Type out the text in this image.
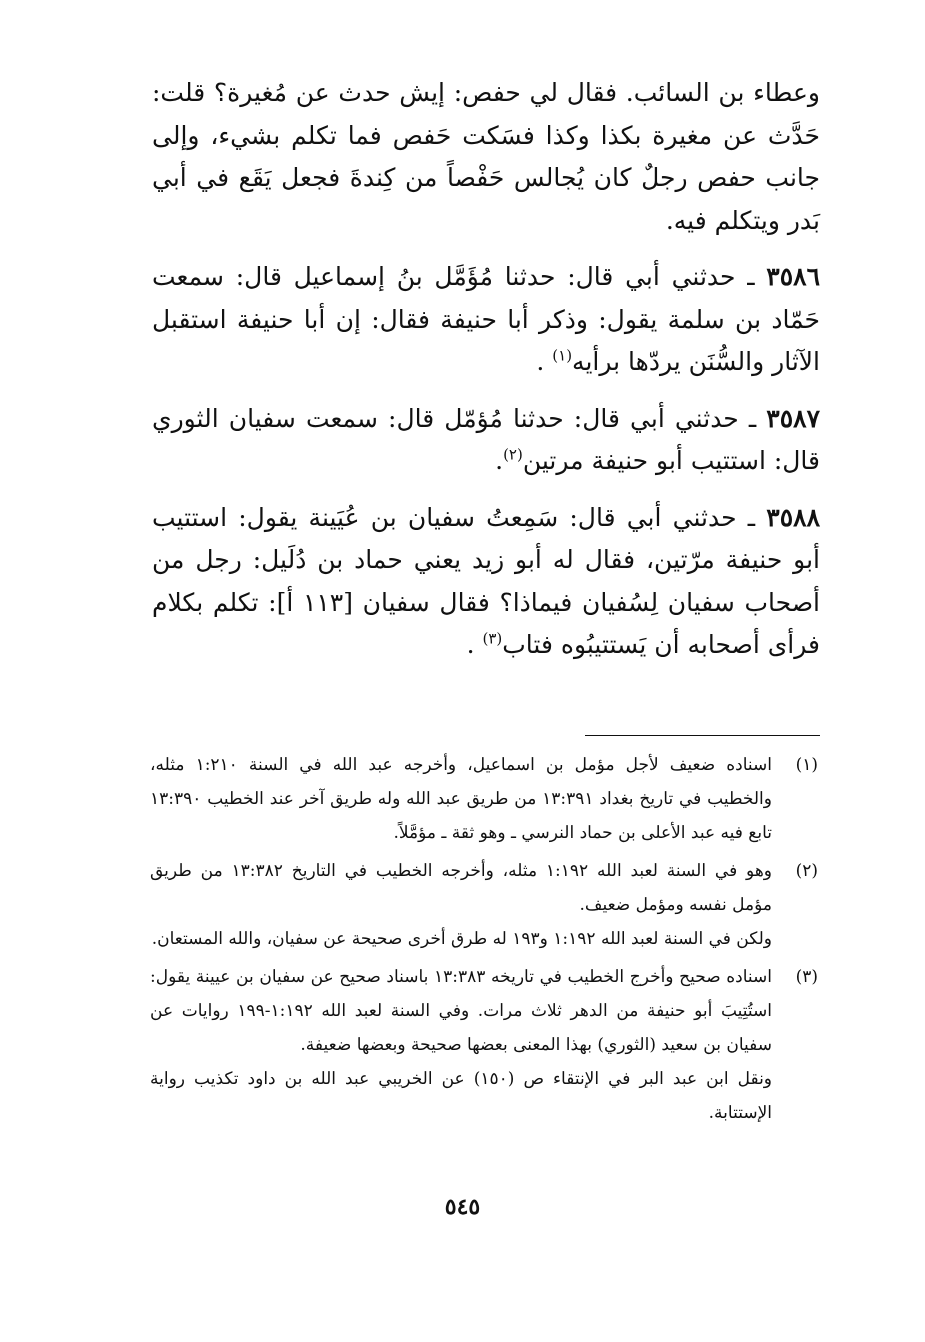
وعطاء بن السائب. فقال لي حفص: إيش حدث عن مُغيرة؟ قلت: حَدَّث عن مغيرة بكذا وكذا فسَكت حَفص فما تكلم بشيء، وإلى جانب حفص رجلٌ كان يُجالس حَفْصاً من كِندةَ فجعل يَقَع في أبي بَدر ويتكلم فيه.

٣٥٨٦ ـ حدثني أبي قال: حدثنا مُؤَمَّل بنُ إسماعيل قال: سمعت حَمّاد بن سلمة يقول: وذكر أبا حنيفة فقال: إن أبا حنيفة استقبل الآثار والسُّنَن يردّها برأيه$^{(١)}$ .

٣٥٨٧ ـ حدثني أبي قال: حدثنا مُؤمّل قال: سمعت سفيان الثوري قال: استتيب أبو حنيفة مرتين$^{(٢)}$.

٣٥٨٨ ـ حدثني أبي قال: سَمِعتُ سفيان بن عُيَينة يقول: استتيب أبو حنيفة مرّتين، فقال له أبو زيد يعني حماد بن دُلَيل: رجل من أصحاب سفيان لِسُفيان فيماذا؟ فقال سفيان [١١٣ أ]: تكلم بكلام فرأى أصحابه أن يَستتيبُوه فتاب$^{(٣)}$ .

(١)
اسناده ضعيف لأجل مؤمل بن اسماعيل، وأخرجه عبد الله في السنة ١:٢١٠ مثله، والخطيب في تاريخ بغداد ١٣:٣٩١ من طريق عبد الله وله طريق آخر عند الخطيب ١٣:٣٩٠ تابع فيه عبد الأعلى بن حماد النرسي ـ وهو ثقة ـ مؤمَّلاً.
(٢)
وهو في السنة لعبد الله ١:١٩٢ مثله، وأخرجه الخطيب في التاريخ ١٣:٣٨٢ من طريق مؤمل نفسه ومؤمل ضعيف.
ولكن في السنة لعبد الله ١:١٩٢ و١٩٣ له طرق أخرى صحيحة عن سفيان، والله المستعان.
(٣)
اسناده صحيح وأخرج الخطيب في تاريخه ١٣:٣٨٣ باسناد صحيح عن سفيان بن عيينة يقول: استُتِيبَ أبو حنيفة من الدهر ثلاث مرات. وفي السنة لعبد الله ١:١٩٢-١٩٩ روايات عن سفيان بن سعيد (الثوري) بهذا المعنى بعضها صحيحة وبعضها ضعيفة.
ونقل ابن عبد البر في الإنتقاء ص (١٥٠) عن الخريبي عبد الله بن داود تكذيب رواية الإستتابة.
٥٤٥
